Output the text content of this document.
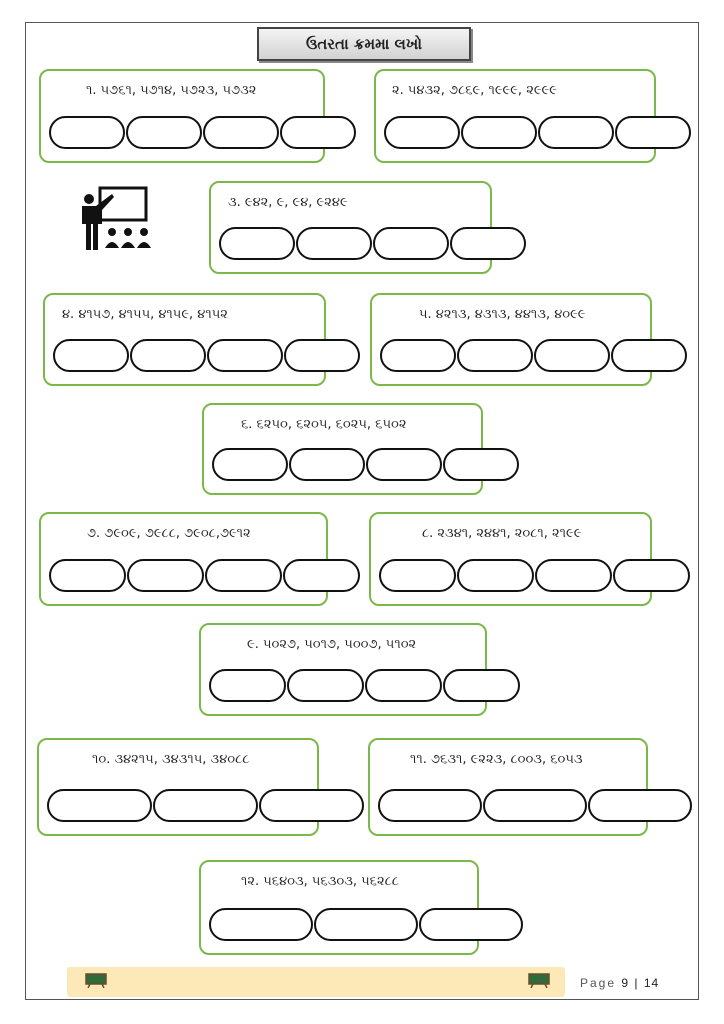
ઉતરતા ક્રમમા લખો
૧. ૫૭૬૧, ૫૭૧૪, ૫૭૨૩, ૫૭૩૨	૨. ૫૪૩૨, ૭૮૬૯, ૧૯૯૯, ૨૯૯૯
૩. ૯૪૨, ૯, ૯૪, ૯૨૪૯
૪. ૪૧૫૭, ૪૧૫૫, ૪૧૫૯, ૪૧૫૨	૫. ૪૨૧૩, ૪૩૧૩, ૪૪૧૩, ૪૦૯૯
૬. ૬૨૫૦, ૬૨૦૫, ૬૦૨૫, ૬૫૦૨
૭. ૭૯૦૯, ૭૯૮૮, ૭૯૦૮,૭૯૧૨	૮. ૨૩૪૧, ૨૪૪૧, ૨૦૮૧, ૨૧૯૯
૯. ૫૦૨૭, ૫૦૧૭, ૫૦૦૭, ૫૧૦૨
૧૦. ૩૪૨૧૫, ૩૪૩૧૫, ૩૪૦૮૮	૧૧. ૭૬૩૧, ૯૨૨૩, ૮૦૦૩, ૬૦૫૩
૧૨. ૫૬૪૦૩, ૫૬૩૦૩, ૫૬૨૮૮
Page 9 | 14
